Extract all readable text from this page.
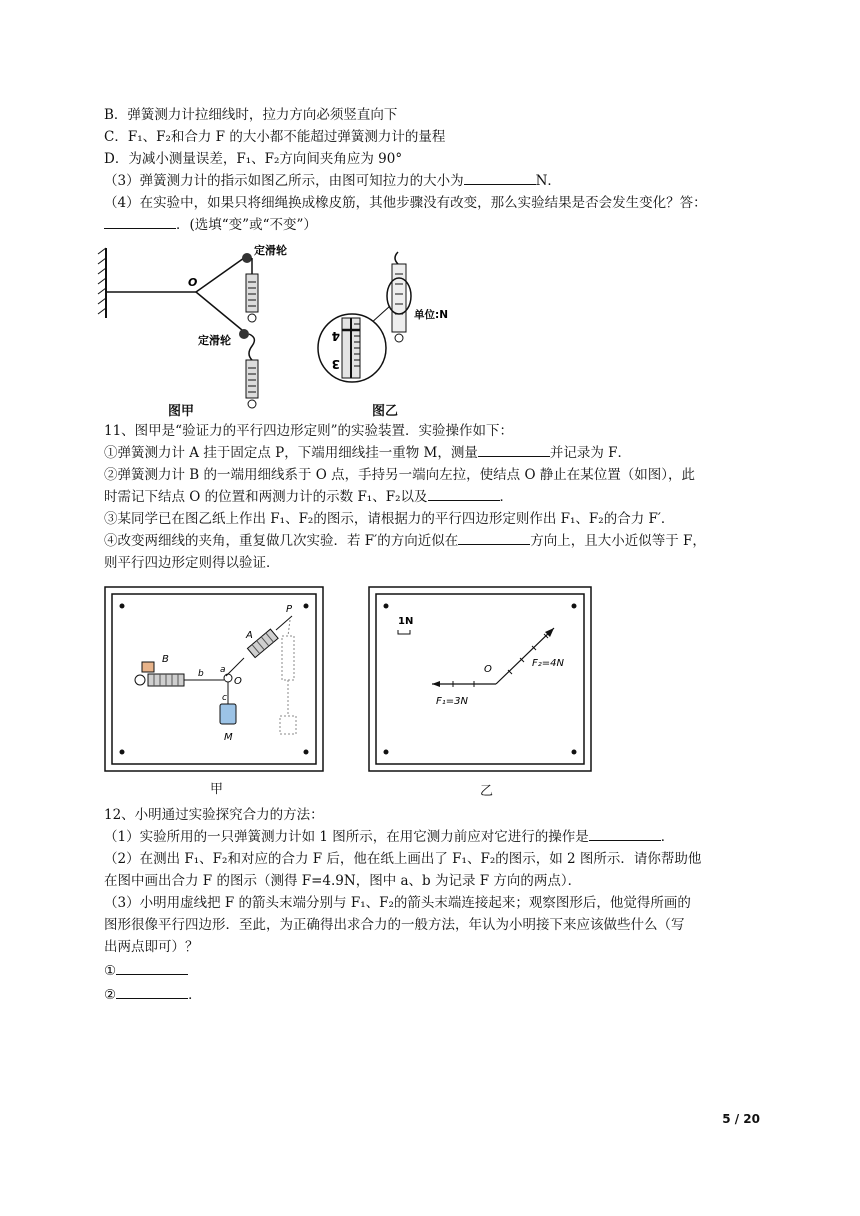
B．弹簧测力计拉细线时，拉力方向必须竖直向下
C．F₁、F₂和合力 F 的大小都不能超过弹簧测力计的量程
D．为减小测量误差，F₁、F₂方向间夹角应为 90°
（3）弹簧测力计的指示如图乙所示，由图可知拉力的大小为	N．
（4）在实验中，如果只将细绳换成橡皮筋，其他步骤没有改变，那么实验结果是否会发生变化？答：
．(选填“变”或“不变”）
O
定滑轮
定滑轮
图甲
单位:N
4
3
图乙
11、图甲是“验证力的平行四边形定则”的实验装置．实验操作如下：
①弹簧测力计 A 挂于固定点 P，下端用细线挂一重物 M，测量	并记录为 F．
②弹簧测力计 B 的一端用细线系于 O 点，手持另一端向左拉，使结点 O 静止在某位置（如图），此
时需记下结点 O 的位置和两测力计的示数 F₁、F₂以及	．
③某同学已在图乙纸上作出 F₁、F₂的图示，请根据力的平行四边形定则作出 F₁、F₂的合力 F′．
④改变两细线的夹角，重复做几次实验．若 F′的方向近似在	方向上，且大小近似等于 F，
则平行四边形定则得以验证．
P
A
a
O
b
c
B
M
甲
1N
O
F₁=3N
F₂=4N
乙
12、小明通过实验探究合力的方法：
（1）实验所用的一只弹簧测力计如 1 图所示，在用它测力前应对它进行的操作是	．
（2）在测出 F₁、F₂和对应的合力 F 后，他在纸上画出了 F₁、F₂的图示，如 2 图所示．请你帮助他
在图中画出合力 F 的图示（测得 F=4.9N，图中 a、b 为记录 F 方向的两点）．
（3）小明用虚线把 F 的箭头末端分别与 F₁、F₂的箭头末端连接起来；观察图形后，他觉得所画的
图形很像平行四边形．至此，为正确得出求合力的一般方法，年认为小明接下来应该做些什么（写
出两点即可）？
①
②	．
5 / 20
